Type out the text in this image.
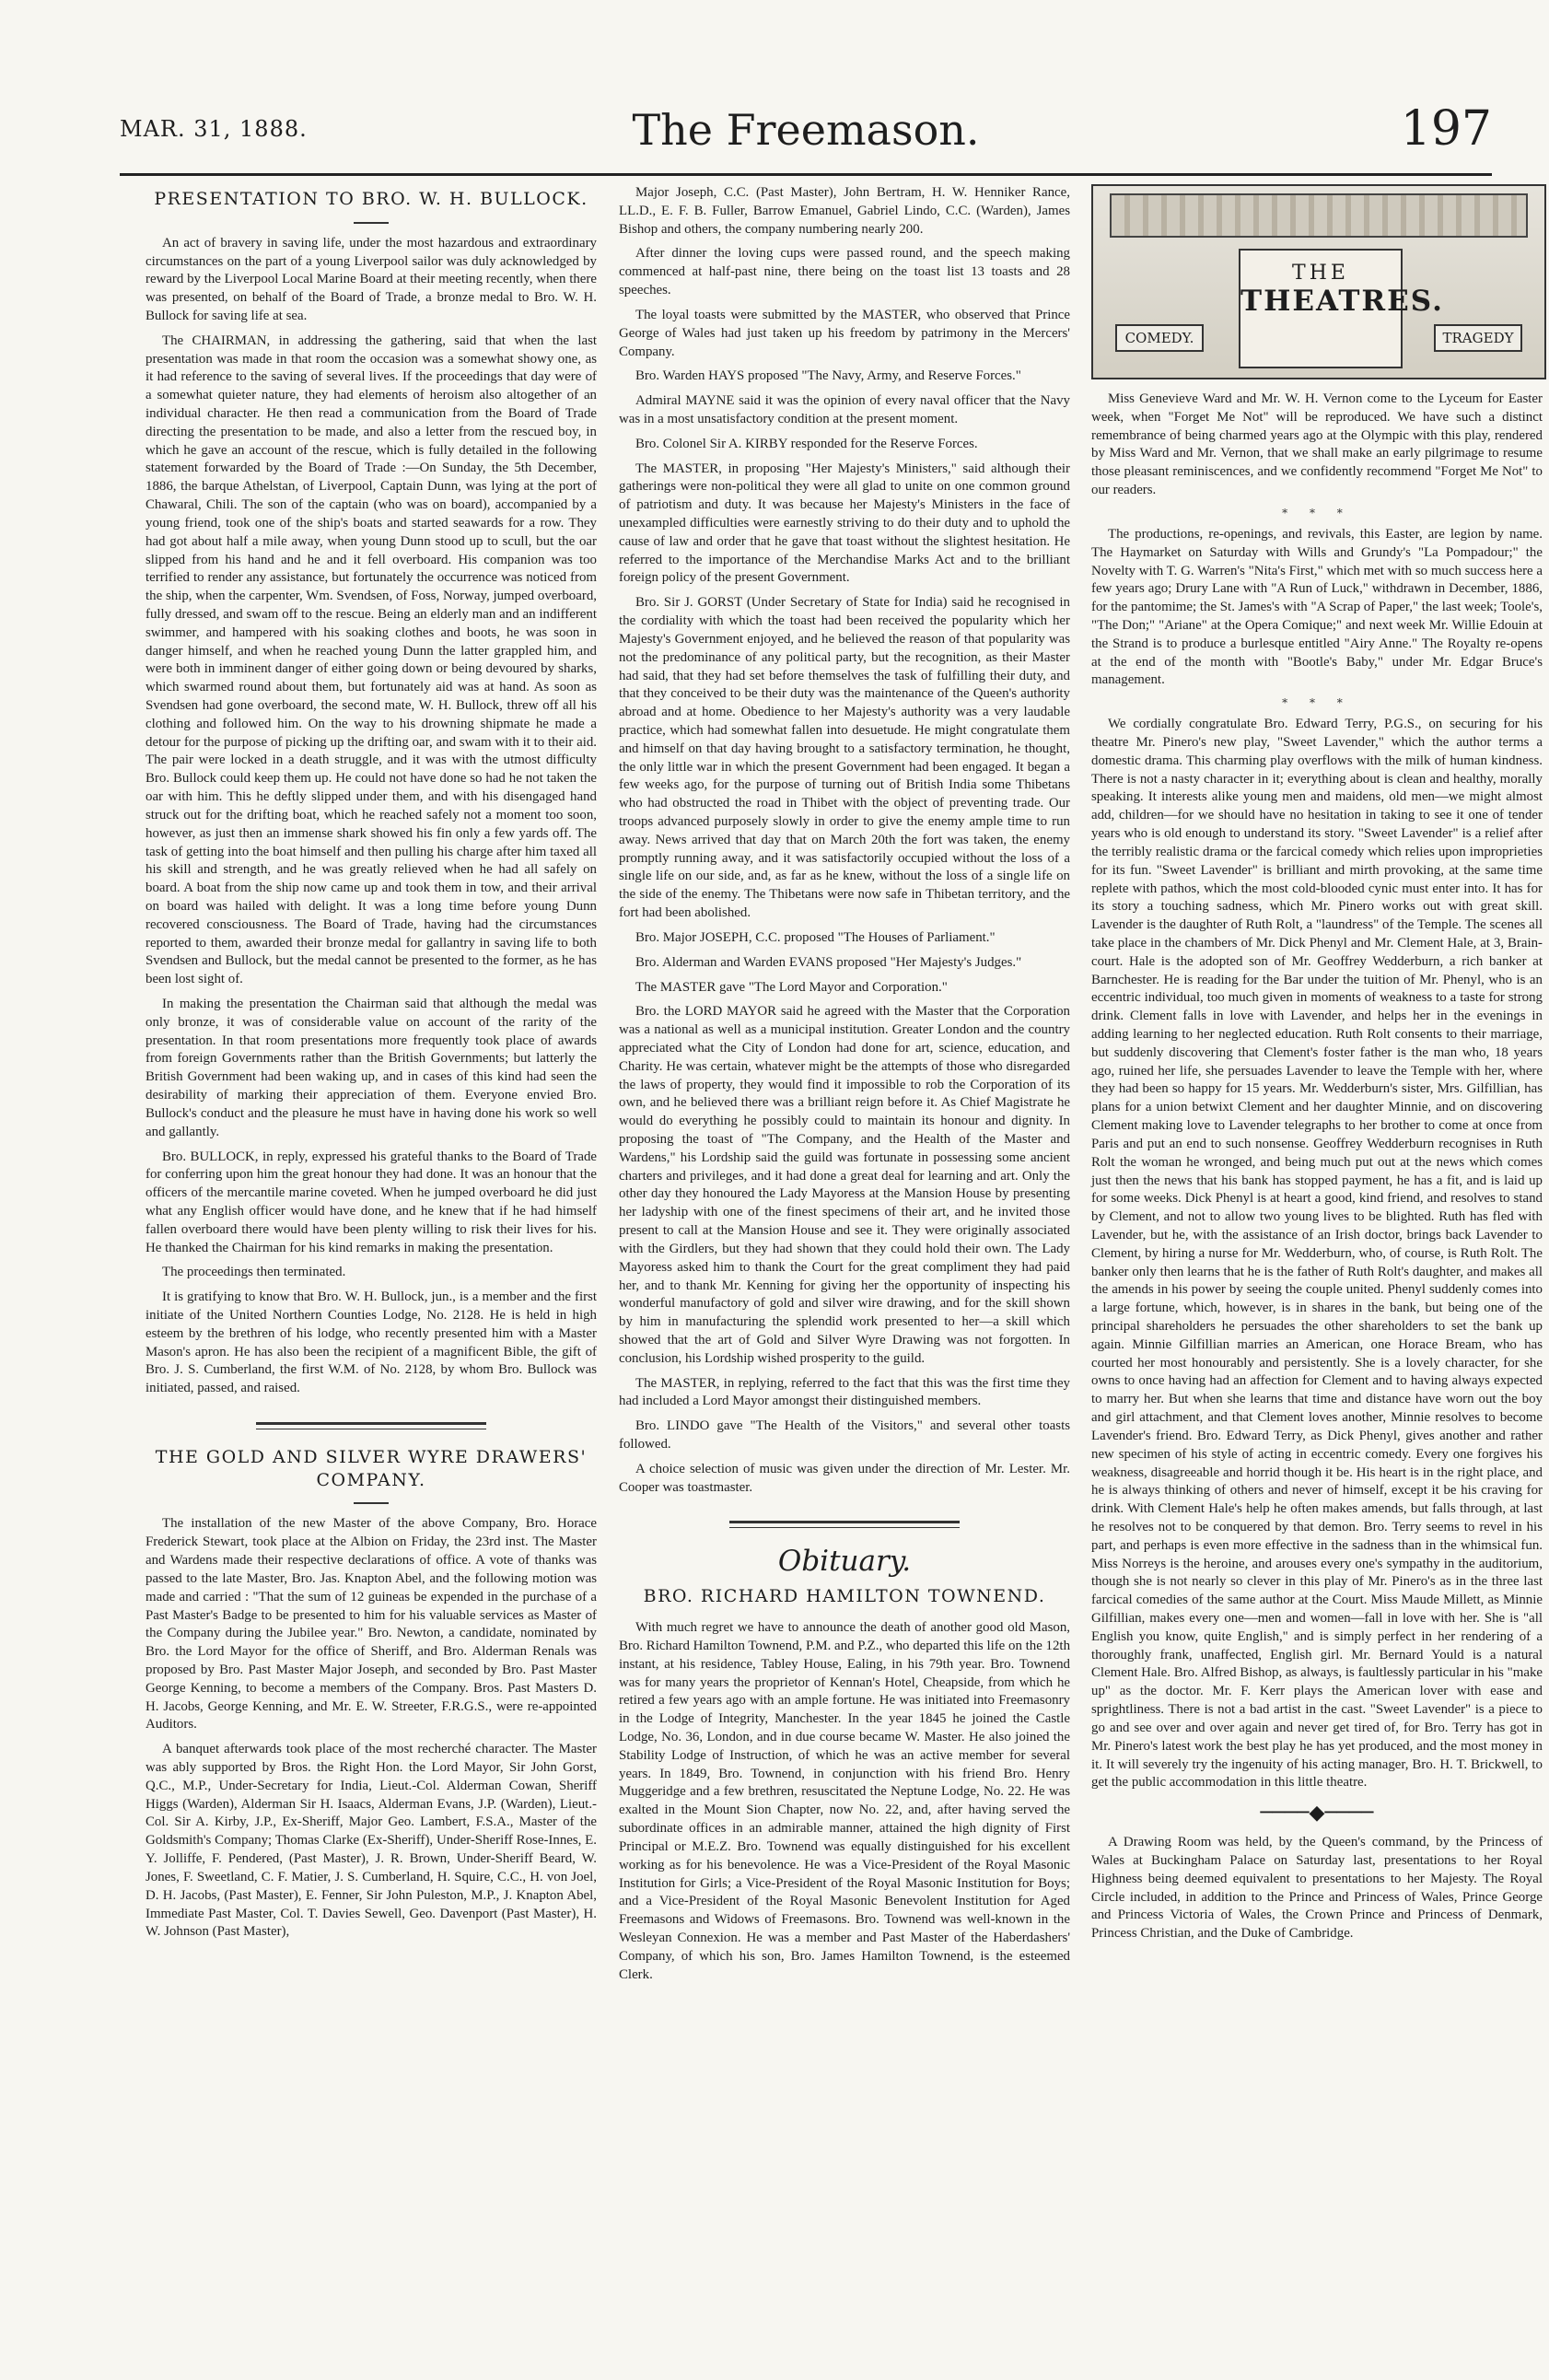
MAR. 31, 1888.	The Freemason.	197
PRESENTATION TO BRO. W. H. BULLOCK.

An act of bravery in saving life, under the most hazardous and extraordinary circumstances on the part of a young Liverpool sailor was duly acknowledged by reward by the Liverpool Local Marine Board at their meeting recently, when there was presented, on behalf of the Board of Trade, a bronze medal to Bro. W. H. Bullock for saving life at sea.

The CHAIRMAN, in addressing the gathering, said that when the last presentation was made in that room the occasion was a somewhat showy one, as it had reference to the saving of several lives. If the proceedings that day were of a somewhat quieter nature, they had elements of heroism also altogether of an individual character. He then read a communication from the Board of Trade directing the presentation to be made, and also a letter from the rescued boy, in which he gave an account of the rescue, which is fully detailed in the following statement forwarded by the Board of Trade :—On Sunday, the 5th December, 1886, the barque Athelstan, of Liverpool, Captain Dunn, was lying at the port of Chawaral, Chili. The son of the captain (who was on board), accompanied by a young friend, took one of the ship's boats and started seawards for a row. They had got about half a mile away, when young Dunn stood up to scull, but the oar slipped from his hand and he and it fell overboard. His companion was too terrified to render any assistance, but fortunately the occurrence was noticed from the ship, when the carpenter, Wm. Svendsen, of Foss, Norway, jumped overboard, fully dressed, and swam off to the rescue. Being an elderly man and an indifferent swimmer, and hampered with his soaking clothes and boots, he was soon in danger himself, and when he reached young Dunn the latter grappled him, and were both in imminent danger of either going down or being devoured by sharks, which swarmed round about them, but fortunately aid was at hand. As soon as Svendsen had gone overboard, the second mate, W. H. Bullock, threw off all his clothing and followed him. On the way to his drowning shipmate he made a detour for the purpose of picking up the drifting oar, and swam with it to their aid. The pair were locked in a death struggle, and it was with the utmost difficulty Bro. Bullock could keep them up. He could not have done so had he not taken the oar with him. This he deftly slipped under them, and with his disengaged hand struck out for the drifting boat, which he reached safely not a moment too soon, however, as just then an immense shark showed his fin only a few yards off. The task of getting into the boat himself and then pulling his charge after him taxed all his skill and strength, and he was greatly relieved when he had all safely on board. A boat from the ship now came up and took them in tow, and their arrival on board was hailed with delight. It was a long time before young Dunn recovered consciousness. The Board of Trade, having had the circumstances reported to them, awarded their bronze medal for gallantry in saving life to both Svendsen and Bullock, but the medal cannot be presented to the former, as he has been lost sight of.

In making the presentation the Chairman said that although the medal was only bronze, it was of considerable value on account of the rarity of the presentation. In that room presentations more frequently took place of awards from foreign Governments rather than the British Governments; but latterly the British Government had been waking up, and in cases of this kind had seen the desirability of marking their appreciation of them. Everyone envied Bro. Bullock's conduct and the pleasure he must have in having done his work so well and gallantly.

Bro. BULLOCK, in reply, expressed his grateful thanks to the Board of Trade for conferring upon him the great honour they had done. It was an honour that the officers of the mercantile marine coveted. When he jumped overboard he did just what any English officer would have done, and he knew that if he had himself fallen overboard there would have been plenty willing to risk their lives for his. He thanked the Chairman for his kind remarks in making the presentation.

The proceedings then terminated.

It is gratifying to know that Bro. W. H. Bullock, jun., is a member and the first initiate of the United Northern Counties Lodge, No. 2128. He is held in high esteem by the brethren of his lodge, who recently presented him with a Master Mason's apron. He has also been the recipient of a magnificent Bible, the gift of Bro. J. S. Cumberland, the first W.M. of No. 2128, by whom Bro. Bullock was initiated, passed, and raised.

THE GOLD AND SILVER WYRE DRAWERS' COMPANY.

The installation of the new Master of the above Company, Bro. Horace Frederick Stewart, took place at the Albion on Friday, the 23rd inst. The Master and Wardens made their respective declarations of office. A vote of thanks was passed to the late Master, Bro. Jas. Knapton Abel, and the following motion was made and carried : "That the sum of 12 guineas be expended in the purchase of a Past Master's Badge to be presented to him for his valuable services as Master of the Company during the Jubilee year." Bro. Newton, a candidate, nominated by Bro. the Lord Mayor for the office of Sheriff, and Bro. Alderman Renals was proposed by Bro. Past Master Major Joseph, and seconded by Bro. Past Master George Kenning, to become a members of the Company. Bros. Past Masters D. H. Jacobs, George Kenning, and Mr. E. W. Streeter, F.R.G.S., were re-appointed Auditors.

A banquet afterwards took place of the most recherché character. The Master was ably supported by Bros. the Right Hon. the Lord Mayor, Sir John Gorst, Q.C., M.P., Under-Secretary for India, Lieut.-Col. Alderman Cowan, Sheriff Higgs (Warden), Alderman Sir H. Isaacs, Alderman Evans, J.P. (Warden), Lieut.-Col. Sir A. Kirby, J.P., Ex-Sheriff, Major Geo. Lambert, F.S.A., Master of the Goldsmith's Company; Thomas Clarke (Ex-Sheriff), Under-Sheriff Rose-Innes, E. Y. Jolliffe, F. Pendered, (Past Master), J. R. Brown, Under-Sheriff Beard, W. Jones, F. Sweetland, C. F. Matier, J. S. Cumberland, H. Squire, C.C., H. von Joel, D. H. Jacobs, (Past Master), E. Fenner, Sir John Puleston, M.P., J. Knapton Abel, Immediate Past Master, Col. T. Davies Sewell, Geo. Davenport (Past Master), H. W. Johnson (Past Master),

Major Joseph, C.C. (Past Master), John Bertram, H. W. Henniker Rance, LL.D., E. F. B. Fuller, Barrow Emanuel, Gabriel Lindo, C.C. (Warden), James Bishop and others, the company numbering nearly 200.

After dinner the loving cups were passed round, and the speech making commenced at half-past nine, there being on the toast list 13 toasts and 28 speeches.

The loyal toasts were submitted by the MASTER, who observed that Prince George of Wales had just taken up his freedom by patrimony in the Mercers' Company.

Bro. Warden HAYS proposed "The Navy, Army, and Reserve Forces."

Admiral MAYNE said it was the opinion of every naval officer that the Navy was in a most unsatisfactory condition at the present moment.

Bro. Colonel Sir A. KIRBY responded for the Reserve Forces.

The MASTER, in proposing "Her Majesty's Ministers," said although their gatherings were non-political they were all glad to unite on one common ground of patriotism and duty. It was because her Majesty's Ministers in the face of unexampled difficulties were earnestly striving to do their duty and to uphold the cause of law and order that he gave that toast without the slightest hesitation. He referred to the importance of the Merchandise Marks Act and to the brilliant foreign policy of the present Government.

Bro. Sir J. GORST (Under Secretary of State for India) said he recognised in the cordiality with which the toast had been received the popularity which her Majesty's Government enjoyed, and he believed the reason of that popularity was not the predominance of any political party, but the recognition, as their Master had said, that they had set before themselves the task of fulfilling their duty, and that they conceived to be their duty was the maintenance of the Queen's authority abroad and at home. Obedience to her Majesty's authority was a very laudable practice, which had somewhat fallen into desuetude. He might congratulate them and himself on that day having brought to a satisfactory termination, he thought, the only little war in which the present Government had been engaged. It began a few weeks ago, for the purpose of turning out of British India some Thibetans who had obstructed the road in Thibet with the object of preventing trade. Our troops advanced purposely slowly in order to give the enemy ample time to run away. News arrived that day that on March 20th the fort was taken, the enemy promptly running away, and it was satisfactorily occupied without the loss of a single life on our side, and, as far as he knew, without the loss of a single life on the side of the enemy. The Thibetans were now safe in Thibetan territory, and the fort had been abolished.

Bro. Major JOSEPH, C.C. proposed "The Houses of Parliament."

Bro. Alderman and Warden EVANS proposed "Her Majesty's Judges."

The MASTER gave "The Lord Mayor and Corporation."

Bro. the LORD MAYOR said he agreed with the Master that the Corporation was a national as well as a municipal institution. Greater London and the country appreciated what the City of London had done for art, science, education, and Charity. He was certain, whatever might be the attempts of those who disregarded the laws of property, they would find it impossible to rob the Corporation of its own, and he believed there was a brilliant reign before it. As Chief Magistrate he would do everything he possibly could to maintain its honour and dignity. In proposing the toast of "The Company, and the Health of the Master and Wardens," his Lordship said the guild was fortunate in possessing some ancient charters and privileges, and it had done a great deal for learning and art. Only the other day they honoured the Lady Mayoress at the Mansion House by presenting her ladyship with one of the finest specimens of their art, and he invited those present to call at the Mansion House and see it. They were originally associated with the Girdlers, but they had shown that they could hold their own. The Lady Mayoress asked him to thank the Court for the great compliment they had paid her, and to thank Mr. Kenning for giving her the opportunity of inspecting his wonderful manufactory of gold and silver wire drawing, and for the skill shown by him in manufacturing the splendid work presented to her—a skill which showed that the art of Gold and Silver Wyre Drawing was not forgotten. In conclusion, his Lordship wished prosperity to the guild.

The MASTER, in replying, referred to the fact that this was the first time they had included a Lord Mayor amongst their distinguished members.

Bro. LINDO gave "The Health of the Visitors," and several other toasts followed.

A choice selection of music was given under the direction of Mr. Lester. Mr. Cooper was toastmaster.

Obituary.
BRO. RICHARD HAMILTON TOWNEND.

With much regret we have to announce the death of another good old Mason, Bro. Richard Hamilton Townend, P.M. and P.Z., who departed this life on the 12th instant, at his residence, Tabley House, Ealing, in his 79th year. Bro. Townend was for many years the proprietor of Kennan's Hotel, Cheapside, from which he retired a few years ago with an ample fortune. He was initiated into Freemasonry in the Lodge of Integrity, Manchester. In the year 1845 he joined the Castle Lodge, No. 36, London, and in due course became W. Master. He also joined the Stability Lodge of Instruction, of which he was an active member for several years. In 1849, Bro. Townend, in conjunction with his friend Bro. Henry Muggeridge and a few brethren, resuscitated the Neptune Lodge, No. 22. He was exalted in the Mount Sion Chapter, now No. 22, and, after having served the subordinate offices in an admirable manner, attained the high dignity of First Principal or M.E.Z. Bro. Townend was equally distinguished for his excellent working as for his benevolence. He was a Vice-President of the Royal Masonic Institution for Girls; a Vice-President of the Royal Masonic Institution for Boys; and a Vice-President of the Royal Masonic Benevolent Institution for Aged Freemasons and Widows of Freemasons. Bro. Townend was well-known in the Wesleyan Connexion. He was a member and Past Master of the Haberdashers' Company, of which his son, Bro. James Hamilton Townend, is the esteemed Clerk.

THE
THEATRES.
COMEDY.	TRAGEDY

Miss Genevieve Ward and Mr. W. H. Vernon come to the Lyceum for Easter week, when "Forget Me Not" will be reproduced. We have such a distinct remembrance of being charmed years ago at the Olympic with this play, rendered by Miss Ward and Mr. Vernon, that we shall make an early pilgrimage to resume those pleasant reminiscences, and we confidently recommend "Forget Me Not" to our readers.

* * *

The productions, re-openings, and revivals, this Easter, are legion by name. The Haymarket on Saturday with Wills and Grundy's "La Pompadour;" the Novelty with T. G. Warren's "Nita's First," which met with so much success here a few years ago; Drury Lane with "A Run of Luck," withdrawn in December, 1886, for the pantomime; the St. James's with "A Scrap of Paper," the last week; Toole's, "The Don;" "Ariane" at the Opera Comique;" and next week Mr. Willie Edouin at the Strand is to produce a burlesque entitled "Airy Anne." The Royalty re-opens at the end of the month with "Bootle's Baby," under Mr. Edgar Bruce's management.

* * *

We cordially congratulate Bro. Edward Terry, P.G.S., on securing for his theatre Mr. Pinero's new play, "Sweet Lavender," which the author terms a domestic drama. This charming play overflows with the milk of human kindness. There is not a nasty character in it; everything about is clean and healthy, morally speaking. It interests alike young men and maidens, old men—we might almost add, children—for we should have no hesitation in taking to see it one of tender years who is old enough to understand its story. "Sweet Lavender" is a relief after the terribly realistic drama or the farcical comedy which relies upon improprieties for its fun. "Sweet Lavender" is brilliant and mirth provoking, at the same time replete with pathos, which the most cold-blooded cynic must enter into. It has for its story a touching sadness, which Mr. Pinero works out with great skill. Lavender is the daughter of Ruth Rolt, a "laundress" of the Temple. The scenes all take place in the chambers of Mr. Dick Phenyl and Mr. Clement Hale, at 3, Brain-court. Hale is the adopted son of Mr. Geoffrey Wedderburn, a rich banker at Barnchester. He is reading for the Bar under the tuition of Mr. Phenyl, who is an eccentric individual, too much given in moments of weakness to a taste for strong drink. Clement falls in love with Lavender, and helps her in the evenings in adding learning to her neglected education. Ruth Rolt consents to their marriage, but suddenly discovering that Clement's foster father is the man who, 18 years ago, ruined her life, she persuades Lavender to leave the Temple with her, where they had been so happy for 15 years. Mr. Wedderburn's sister, Mrs. Gilfillian, has plans for a union betwixt Clement and her daughter Minnie, and on discovering Clement making love to Lavender telegraphs to her brother to come at once from Paris and put an end to such nonsense. Geoffrey Wedderburn recognises in Ruth Rolt the woman he wronged, and being much put out at the news which comes just then the news that his bank has stopped payment, he has a fit, and is laid up for some weeks. Dick Phenyl is at heart a good, kind friend, and resolves to stand by Clement, and not to allow two young lives to be blighted. Ruth has fled with Lavender, but he, with the assistance of an Irish doctor, brings back Lavender to Clement, by hiring a nurse for Mr. Wedderburn, who, of course, is Ruth Rolt. The banker only then learns that he is the father of Ruth Rolt's daughter, and makes all the amends in his power by seeing the couple united. Phenyl suddenly comes into a large fortune, which, however, is in shares in the bank, but being one of the principal shareholders he persuades the other shareholders to set the bank up again. Minnie Gilfillian marries an American, one Horace Bream, who has courted her most honourably and persistently. She is a lovely character, for she owns to once having had an affection for Clement and to having always expected to marry her. But when she learns that time and distance have worn out the boy and girl attachment, and that Clement loves another, Minnie resolves to become Lavender's friend. Bro. Edward Terry, as Dick Phenyl, gives another and rather new specimen of his style of acting in eccentric comedy. Every one forgives his weakness, disagreeable and horrid though it be. His heart is in the right place, and he is always thinking of others and never of himself, except it be his craving for drink. With Clement Hale's help he often makes amends, but falls through, at last he resolves not to be conquered by that demon. Bro. Terry seems to revel in his part, and perhaps is even more effective in the sadness than in the whimsical fun. Miss Norreys is the heroine, and arouses every one's sympathy in the auditorium, though she is not nearly so clever in this play of Mr. Pinero's as in the three last farcical comedies of the same author at the Court. Miss Maude Millett, as Minnie Gilfillian, makes every one—men and women—fall in love with her. She is "all English you know, quite English," and is simply perfect in her rendering of a thoroughly frank, unaffected, English girl. Mr. Bernard Yould is a natural Clement Hale. Bro. Alfred Bishop, as always, is faultlessly particular in his "make up" as the doctor. Mr. F. Kerr plays the American lover with ease and sprightliness. There is not a bad artist in the cast. "Sweet Lavender" is a piece to go and see over and over again and never get tired of, for Bro. Terry has got in Mr. Pinero's latest work the best play he has yet produced, and the most money in it. It will severely try the ingenuity of his acting manager, Bro. H. T. Brickwell, to get the public accommodation in this little theatre.

────◆────

A Drawing Room was held, by the Queen's command, by the Princess of Wales at Buckingham Palace on Saturday last, presentations to her Royal Highness being deemed equivalent to presentations to her Majesty. The Royal Circle included, in addition to the Prince and Princess of Wales, Prince George and Princess Victoria of Wales, the Crown Prince and Princess of Denmark, Princess Christian, and the Duke of Cambridge.
